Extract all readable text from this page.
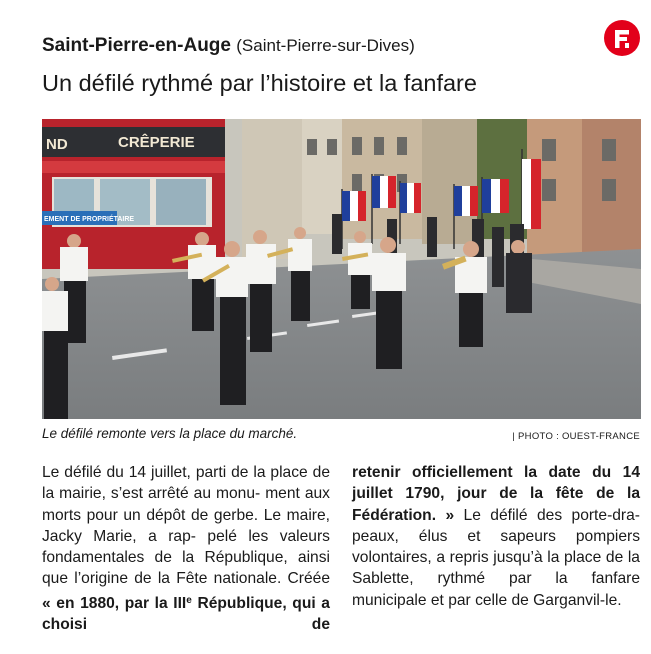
Saint-Pierre-en-Auge (Saint-Pierre-sur-Dives)
Un défilé rythmé par l’histoire et la fanfare
ND	CRÊPERIE
EMENT DE PROPRIÉTAIRE
Le défilé remonte vers la place du marché.	| PHOTO : OUEST-FRANCE

Le défilé du 14 juillet, parti de la place de la mairie, s’est arrêté au monu- ment aux morts pour un dépôt de gerbe. Le maire, Jacky Marie, a rap- pelé les valeurs fondamentales de la République, ainsi que l’origine de la Fête nationale. Créée « en 1880, par la IIIe République, qui a choisi de

retenir officiellement la date du 14 juillet 1790, jour de la fête de la Fédération. » Le défilé des porte-dra- peaux, élus et sapeurs pompiers volontaires, a repris jusqu’à la place de la Sablette, rythmé par la fanfare municipale et par celle de Garganvil-le.
